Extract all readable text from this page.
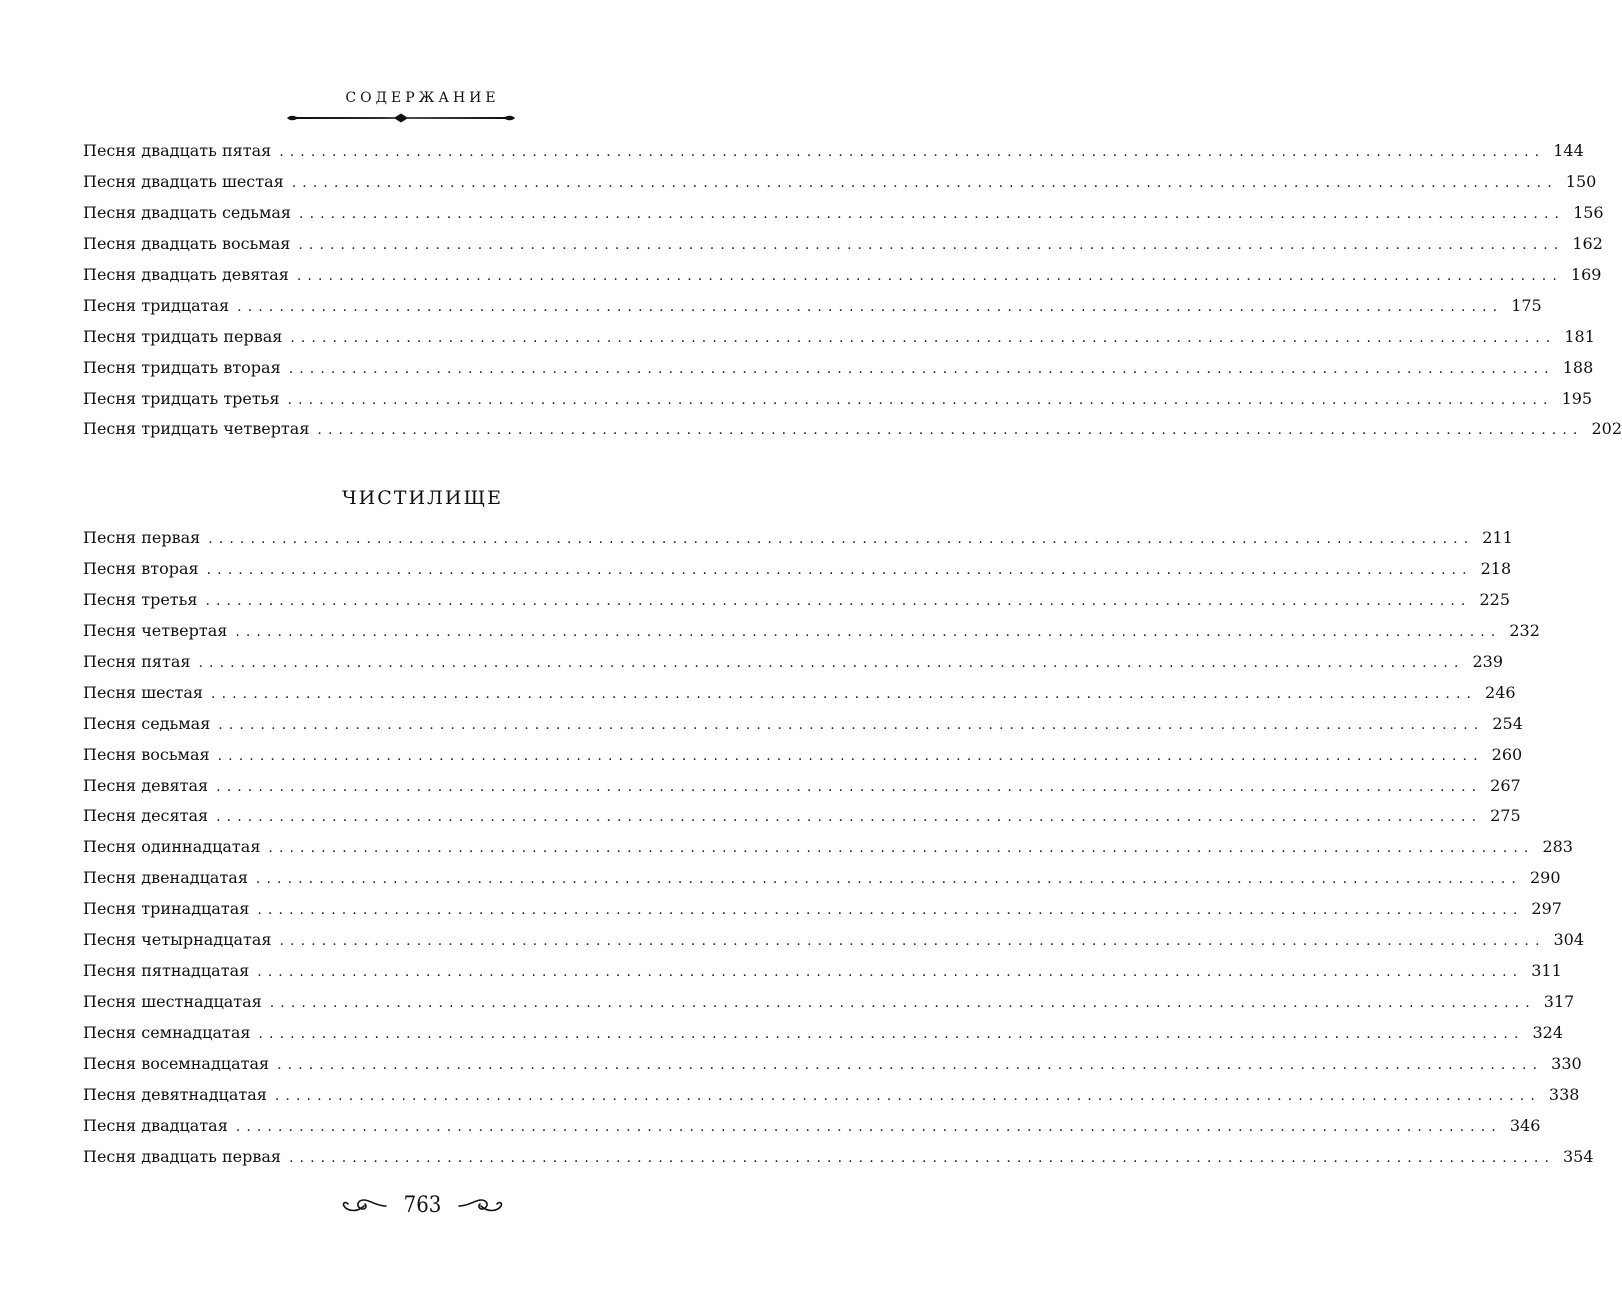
СОДЕРЖАНИЕ
Песня двадцать пятая ........................................................................................................................ 144
Песня двадцать шестая ........................................................................................................................ 150
Песня двадцать седьмая ........................................................................................................................ 156
Песня двадцать восьмая ........................................................................................................................ 162
Песня двадцать девятая ........................................................................................................................ 169
Песня тридцатая ........................................................................................................................ 175
Песня тридцать первая ........................................................................................................................ 181
Песня тридцать вторая ........................................................................................................................ 188
Песня тридцать третья ........................................................................................................................ 195
Песня тридцать четвертая ........................................................................................................................ 202
ЧИСТИЛИЩЕ
Песня первая ........................................................................................................................ 211
Песня вторая ........................................................................................................................ 218
Песня третья ........................................................................................................................ 225
Песня четвертая ........................................................................................................................ 232
Песня пятая ........................................................................................................................ 239
Песня шестая ........................................................................................................................ 246
Песня седьмая ........................................................................................................................ 254
Песня восьмая ........................................................................................................................ 260
Песня девятая ........................................................................................................................ 267
Песня десятая ........................................................................................................................ 275
Песня одиннадцатая ........................................................................................................................ 283
Песня двенадцатая ........................................................................................................................ 290
Песня тринадцатая ........................................................................................................................ 297
Песня четырнадцатая ........................................................................................................................ 304
Песня пятнадцатая ........................................................................................................................ 311
Песня шестнадцатая ........................................................................................................................ 317
Песня семнадцатая ........................................................................................................................ 324
Песня восемнадцатая ........................................................................................................................ 330
Песня девятнадцатая ........................................................................................................................ 338
Песня двадцатая ........................................................................................................................ 346
Песня двадцать первая ........................................................................................................................ 354
763
